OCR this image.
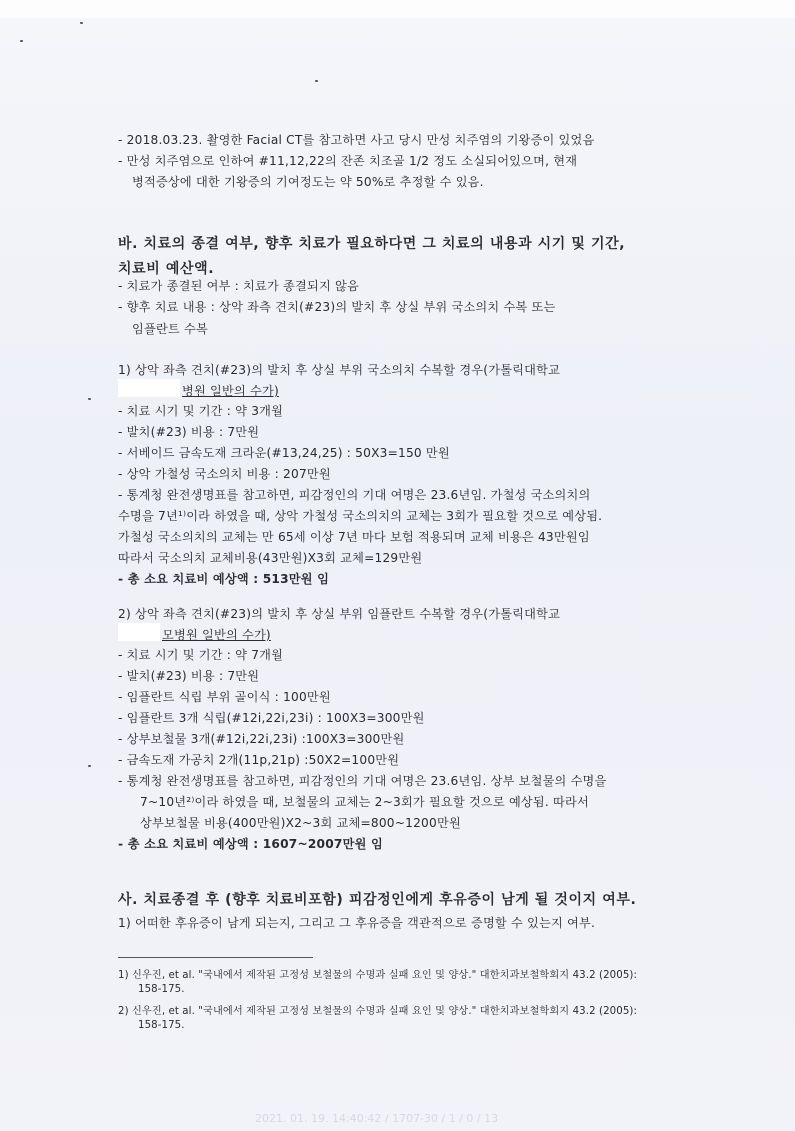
- 2018.03.23. 촬영한 Facial CT를 참고하면 사고 당시 만성 치주염의 기왕증이 있었음
- 만성 치주염으로 인하여 #11,12,22의 잔존 치조골 1/2 정도 소실되어있으며, 현재
병적증상에 대한 기왕증의 기여정도는 약 50%로 추정할 수 있음.
바. 치료의 종결 여부, 향후 치료가 필요하다면 그 치료의 내용과 시기 및 기간,
치료비 예산액.
- 치료가 종결된 여부 : 치료가 종결되지 않음
- 향후 치료 내용 : 상악 좌측 견치(#23)의 발치 후 상실 부위 국소의치 수복 또는
임플란트 수복
1) 상악 좌측 견치(#23)의 발치 후 상실 부위 국소의치 수복할 경우(가톨릭대학교
병원 일반의 수가)
- 치료 시기 및 기간 : 약 3개월
- 발치(#23) 비용 : 7만원
- 서베이드 금속도재 크라운(#13,24,25) : 50X3=150 만원
- 상악 가철성 국소의치 비용 : 207만원
- 통계청 완전생명표를 참고하면, 피감정인의 기대 여명은 23.6년임. 가철성 국소의치의
수명을 7년¹⁾이라 하였을 때, 상악 가철성 국소의치의 교체는 3회가 필요할 것으로 예상됨.
가철성 국소의치의 교체는 만 65세 이상 7년 마다 보험 적용되며 교체 비용은 43만원임
따라서 국소의치 교체비용(43만원)X3회 교체=129만원
- 총 소요 치료비 예상액 : 513만원 임
2) 상악 좌측 견치(#23)의 발치 후 상실 부위 임플란트 수복할 경우(가톨릭대학교
모병원 일반의 수가)
- 치료 시기 및 기간 : 약 7개월
- 발치(#23) 비용 : 7만원
- 임플란트 식립 부위 골이식 : 100만원
- 임플란트 3개 식립(#12i,22i,23i) : 100X3=300만원
- 상부보철물 3개(#12i,22i,23i) :100X3=300만원
- 금속도재 가공치 2개(11p,21p) :50X2=100만원
- 통계청 완전생명표를 참고하면, 피감정인의 기대 여명은 23.6년임. 상부 보철물의 수명을
7~10년²⁾이라 하였을 때, 보철물의 교체는 2~3회가 필요할 것으로 예상됨. 따라서
상부보철물 비용(400만원)X2~3회 교체=800~1200만원
- 총 소요 치료비 예상액 : 1607~2007만원 임
사. 치료종결 후 (향후 치료비포함) 피감정인에게 후유증이 남게 될 것이지 여부.
1) 어떠한 후유증이 남게 되는지, 그리고 그 후유증을 객관적으로 증명할 수 있는지 여부.
1) 신우진, et al. "국내에서 제작된 고정성 보철물의 수명과 실패 요인 및 양상." 대한치과보철학회지 43.2 (2005):
158-175.
2) 신우진, et al. "국내에서 제작된 고정성 보철물의 수명과 실패 요인 및 양상." 대한치과보철학회지 43.2 (2005):
158-175.
2021. 01. 19. 14:40:42 / 1707-30 / 1 / 0 / 13
